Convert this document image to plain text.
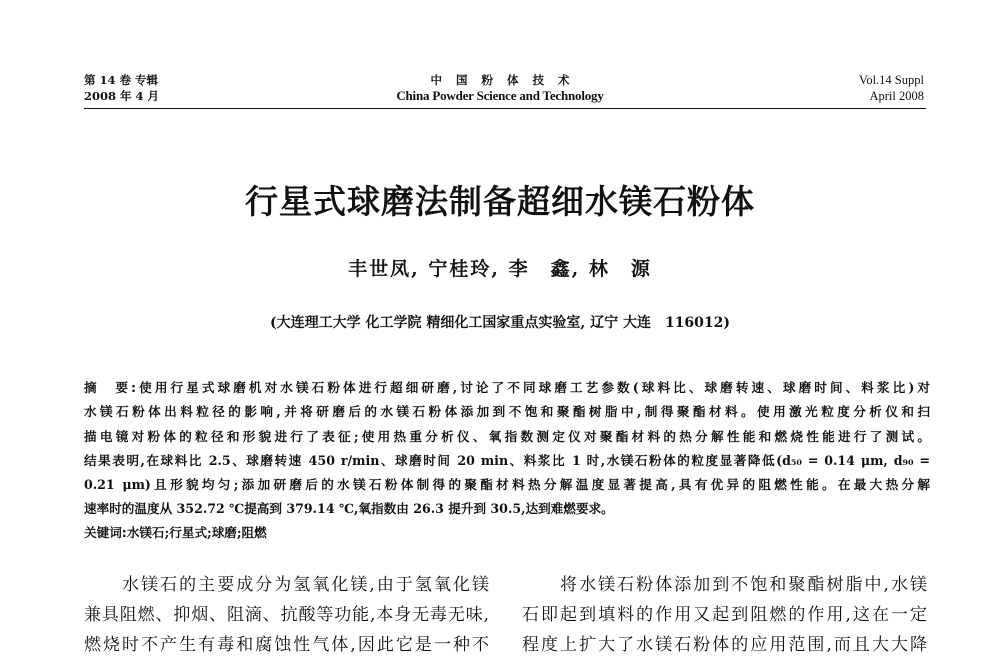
第 14 卷 专辑
2008 年 4 月
中国粉体技术
China Powder Science and Technology
Vol.14 Suppl
April 2008
行星式球磨法制备超细水镁石粉体
丰世凤, 宁桂玲, 李　鑫, 林　源
(大连理工大学 化工学院 精细化工国家重点实验室, 辽宁 大连　116012)
摘　要:使用行星式球磨机对水镁石粉体进行超细研磨,讨论了不同球磨工艺参数(球料比、球磨转速、球磨时间、料浆比)对
水镁石粉体出料粒径的影响,并将研磨后的水镁石粉体添加到不饱和聚酯树脂中,制得聚酯材料。使用激光粒度分析仪和扫
描电镜对粉体的粒径和形貌进行了表征;使用热重分析仪、氧指数测定仪对聚酯材料的热分解性能和燃烧性能进行了测试。
结果表明,在球料比 2.5、球磨转速 450 r/min、球磨时间 20 min、料浆比 1 时,水镁石粉体的粒度显著降低(d₅₀ = 0.14 μm, d₉₀ =
0.21 μm)且形貌均匀;添加研磨后的水镁石粉体制得的聚酯材料热分解温度显著提高,具有优异的阻燃性能。在最大热分解
速率时的温度从 352.72 ℃提高到 379.14 ℃,氧指数由 26.3 提升到 30.5,达到难燃要求。
关键词:水镁石;行星式;球磨;阻燃
　　水镁石的主要成分为氢氧化镁,由于氢氧化镁
兼具阻燃、抑烟、阻滴、抗酸等功能,本身无毒无味,
燃烧时不产生有毒和腐蚀性气体,因此它是一种不
　　将水镁石粉体添加到不饱和聚酯树脂中,水镁
石即起到填料的作用又起到阻燃的作用,这在一定
程度上扩大了水镁石粉体的应用范围,而且大大降
